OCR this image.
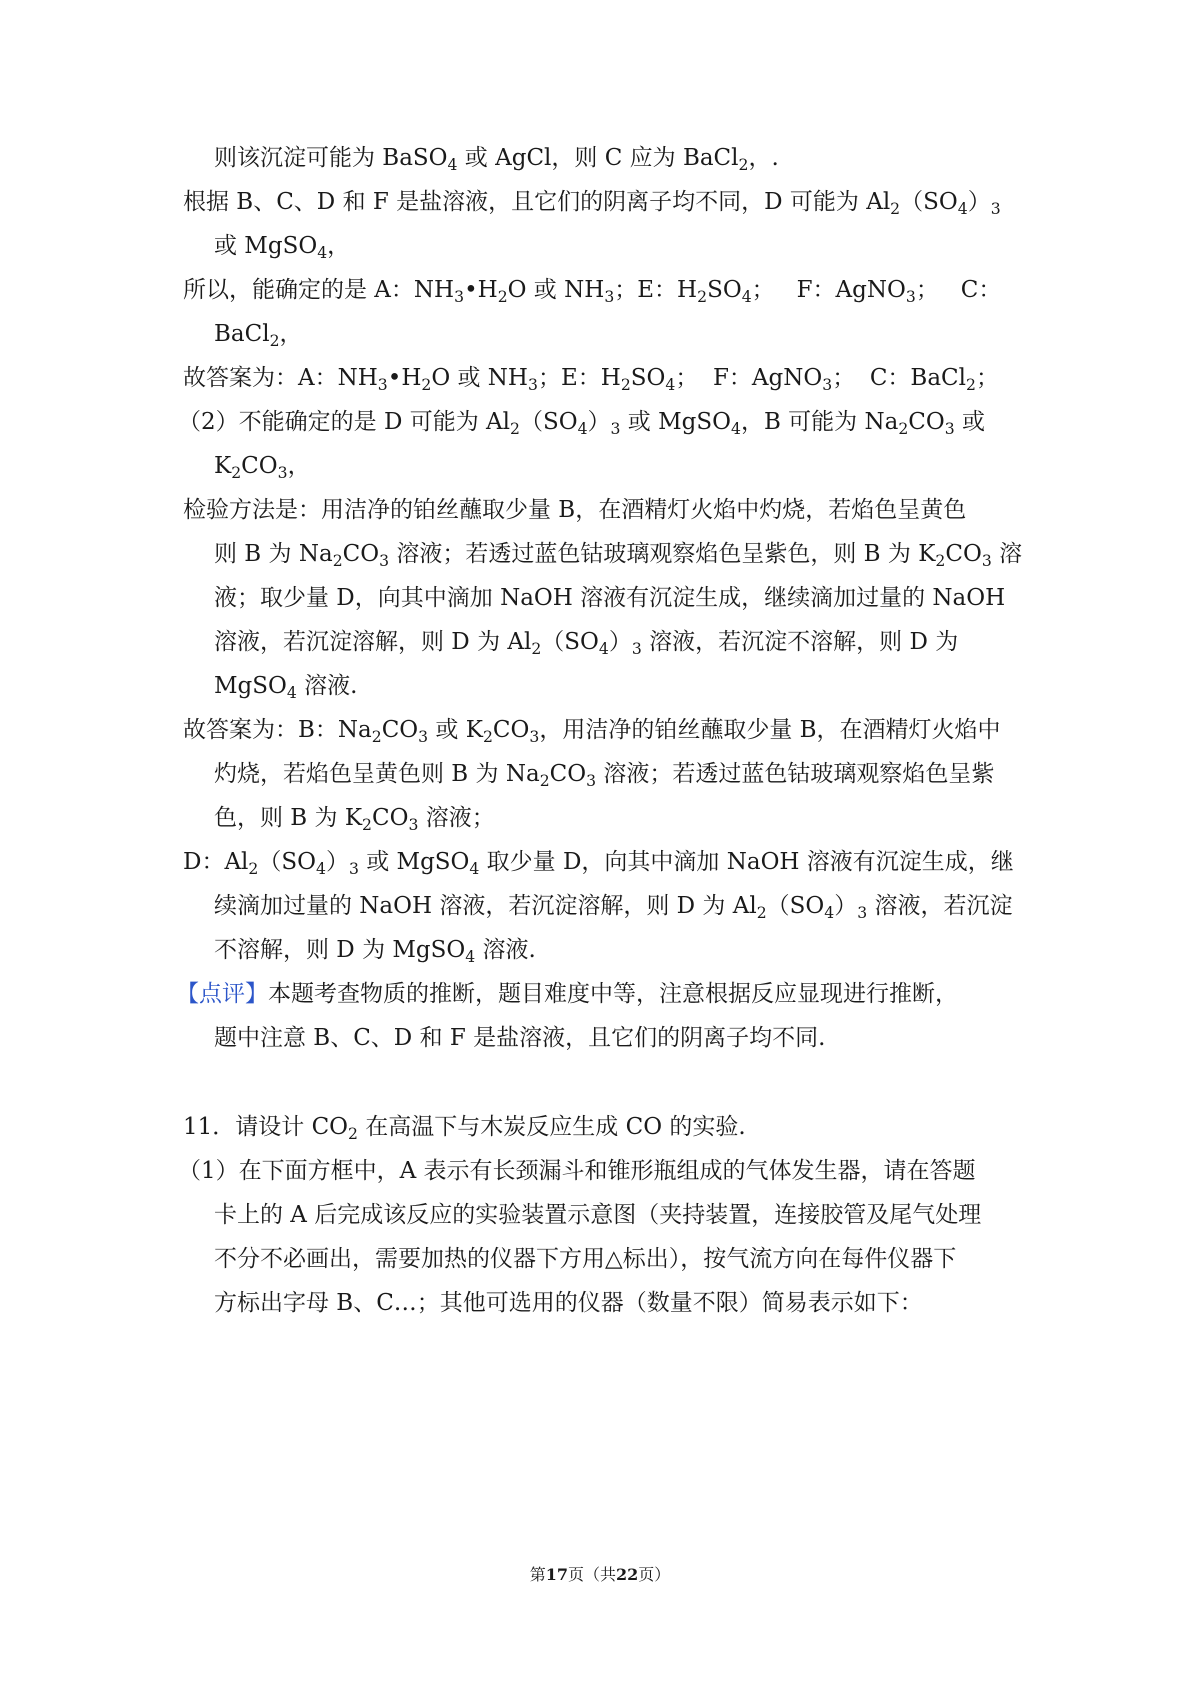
则该沉淀可能为 BaSO$_4$ 或 AgCl，则 C 应为 BaCl$_2$，.
根据 B、C、D 和 F 是盐溶液，且它们的阴离子均不同，D 可能为 $Al_2(SO_4)_3$
或 MgSO$_4$，
所以，能确定的是 A：$NH_3•H_2O$ 或 $NH_3$；E：$H_2SO_4$；   F：AgNO$_3$；   C：
BaCl$_2$，
故答案为：A：$NH_3•H_2O$ 或 $NH_3$；E：$H_2SO_4$；  F：AgNO$_3$；  C：BaCl$_2$；
（2）不能确定的是 D 可能为 $Al_2(SO_4)_3$ 或 MgSO$_4$，B 可能为 $Na_2CO_3$ 或
$K_2CO_3$，
检验方法是：用洁净的铂丝蘸取少量 B，在酒精灯火焰中灼烧，若焰色呈黄色
则 B 为 $Na_2CO_3$ 溶液；若透过蓝色钴玻璃观察焰色呈紫色，则 B 为 $K_2CO_3$ 溶
液；取少量 D，向其中滴加 NaOH 溶液有沉淀生成，继续滴加过量的 NaOH
溶液，若沉淀溶解，则 D 为 $Al_2(SO_4)_3$ 溶液，若沉淀不溶解，则 D 为
MgSO$_4$ 溶液.
故答案为：B：$Na_2CO_3$ 或 $K_2CO_3$，用洁净的铂丝蘸取少量 B，在酒精灯火焰中
灼烧，若焰色呈黄色则 B 为 $Na_2CO_3$ 溶液；若透过蓝色钴玻璃观察焰色呈紫
色，则 B 为 $K_2CO_3$ 溶液；
D：$Al_2(SO_4)_3$ 或 MgSO$_4$ 取少量 D，向其中滴加 NaOH 溶液有沉淀生成，继
续滴加过量的 NaOH 溶液，若沉淀溶解，则 D 为 $Al_2(SO_4)_3$ 溶液，若沉淀
不溶解，则 D 为 MgSO$_4$ 溶液.
【点评】本题考查物质的推断，题目难度中等，注意根据反应显现进行推断，
题中注意 B、C、D 和 F 是盐溶液，且它们的阴离子均不同.
11．请设计 $CO_2$ 在高温下与木炭反应生成 CO 的实验.
（1）在下面方框中，A 表示有长颈漏斗和锥形瓶组成的气体发生器，请在答题
卡上的 A 后完成该反应的实验装置示意图（夹持装置，连接胶管及尾气处理
不分不必画出，需要加热的仪器下方用△标出），按气流方向在每件仪器下
方标出字母 B、C…；其他可选用的仪器（数量不限）简易表示如下：
第17页（共22页）
